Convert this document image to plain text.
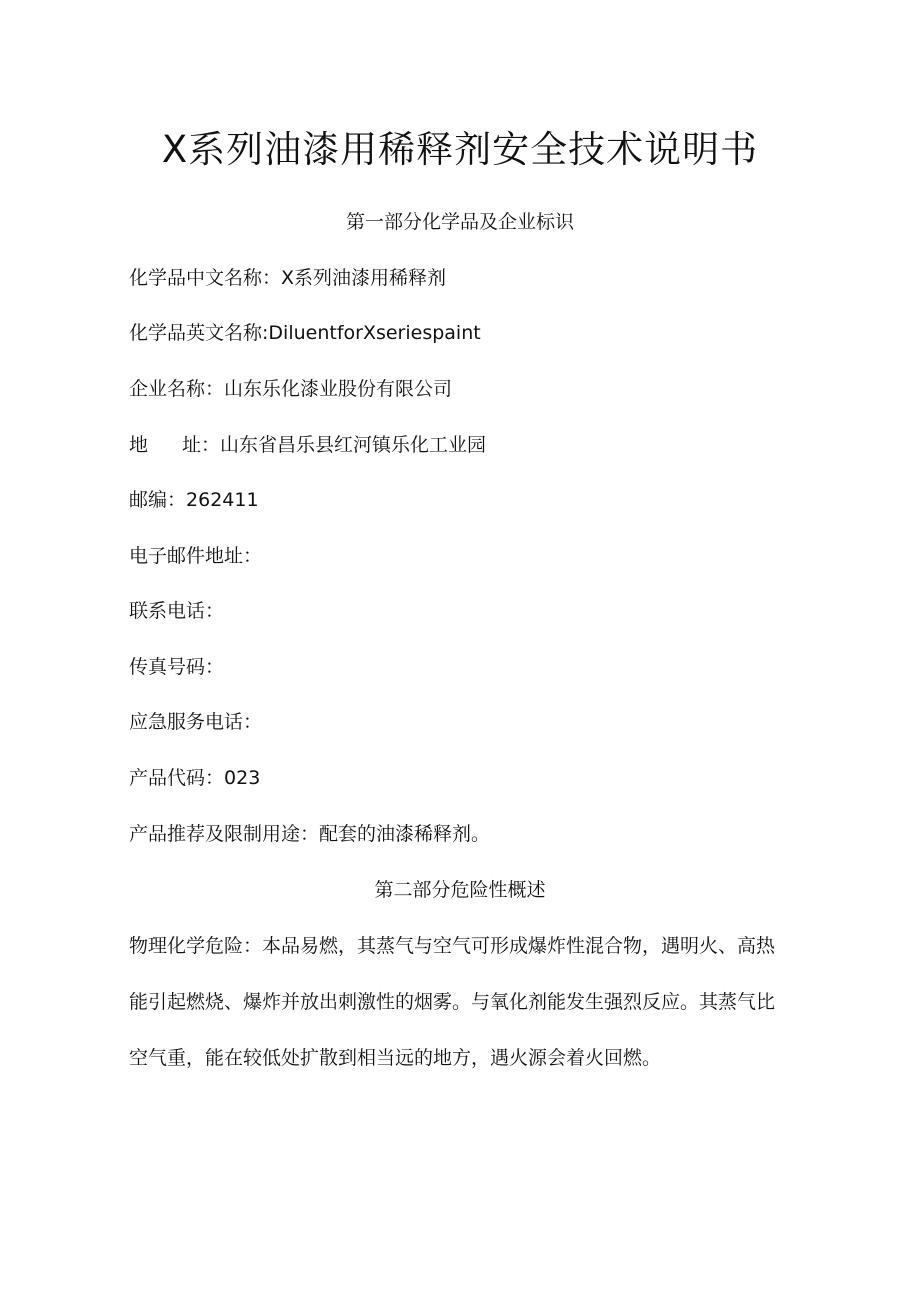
X系列油漆用稀释剂安全技术说明书
第一部分化学品及企业标识
化学品中文名称：X系列油漆用稀释剂
化学品英文名称:DiluentforXseriespaint
企业名称：山东乐化漆业股份有限公司
地 址：山东省昌乐县红河镇乐化工业园
邮编：262411
电子邮件地址：
联系电话：
传真号码：
应急服务电话：
产品代码：023
产品推荐及限制用途：配套的油漆稀释剂。
第二部分危险性概述
物理化学危险：本品易燃，其蒸气与空气可形成爆炸性混合物，遇明火、高热
能引起燃烧、爆炸并放出刺激性的烟雾。与氧化剂能发生强烈反应。其蒸气比
空气重，能在较低处扩散到相当远的地方，遇火源会着火回燃。
